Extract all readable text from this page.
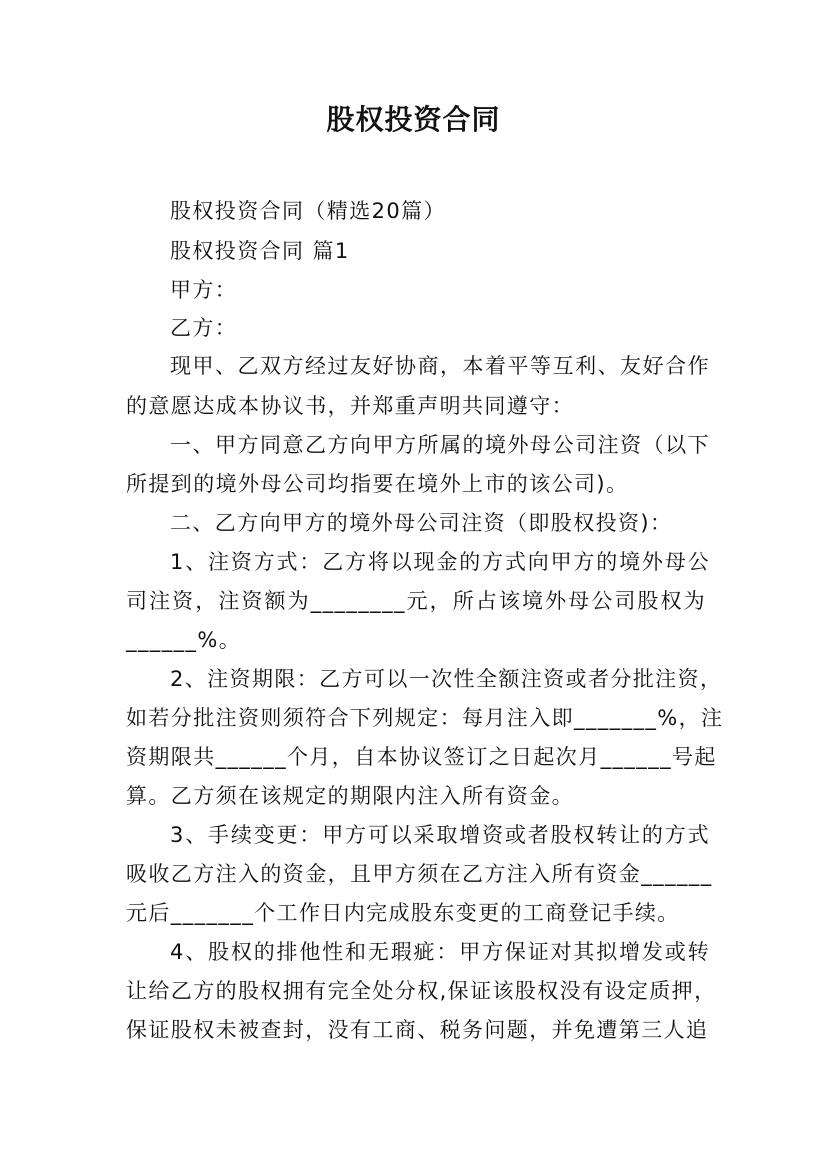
股权投资合同
股权投资合同（精选20篇）
股权投资合同 篇1
甲方：
乙方：
现甲、乙双方经过友好协商，本着平等互利、友好合作
的意愿达成本协议书，并郑重声明共同遵守：
一、甲方同意乙方向甲方所属的境外母公司注资（以下
所提到的境外母公司均指要在境外上市的该公司)。
二、乙方向甲方的境外母公司注资（即股权投资)：
1、注资方式：乙方将以现金的方式向甲方的境外母公
司注资，注资额为________元，所占该境外母公司股权为
______%。
2、注资期限：乙方可以一次性全额注资或者分批注资，
如若分批注资则须符合下列规定：每月注入即_______%，注
资期限共______个月，自本协议签订之日起次月______号起
算。乙方须在该规定的期限内注入所有资金。
3、手续变更：甲方可以采取增资或者股权转让的方式
吸收乙方注入的资金，且甲方须在乙方注入所有资金______
元后_______个工作日内完成股东变更的工商登记手续。
4、股权的排他性和无瑕疵：甲方保证对其拟增发或转
让给乙方的股权拥有完全处分权,保证该股权没有设定质押，
保证股权未被查封，没有工商、税务问题，并免遭第三人追
